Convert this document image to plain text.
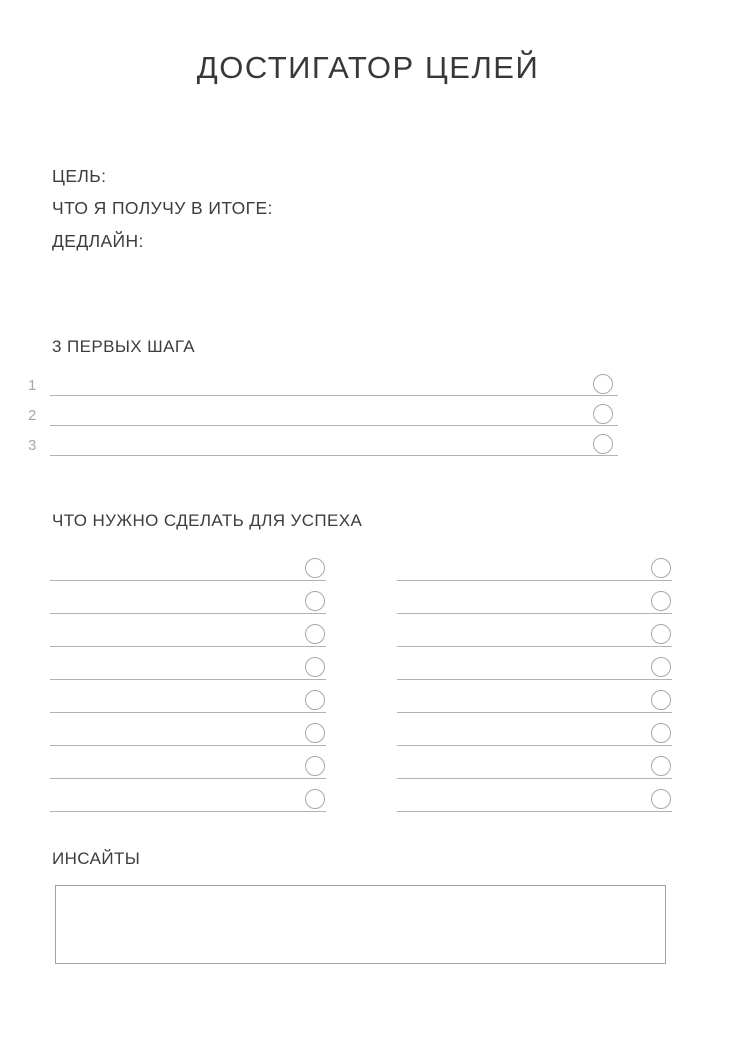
ДОСТИГАТОР ЦЕЛЕЙ
ЦЕЛЬ:
ЧТО Я ПОЛУЧУ В ИТОГЕ:
ДЕДЛАЙН:
3 ПЕРВЫХ ШАГА
1
2
3
ЧТО НУЖНО СДЕЛАТЬ ДЛЯ УСПЕХА
ИНСАЙТЫ
